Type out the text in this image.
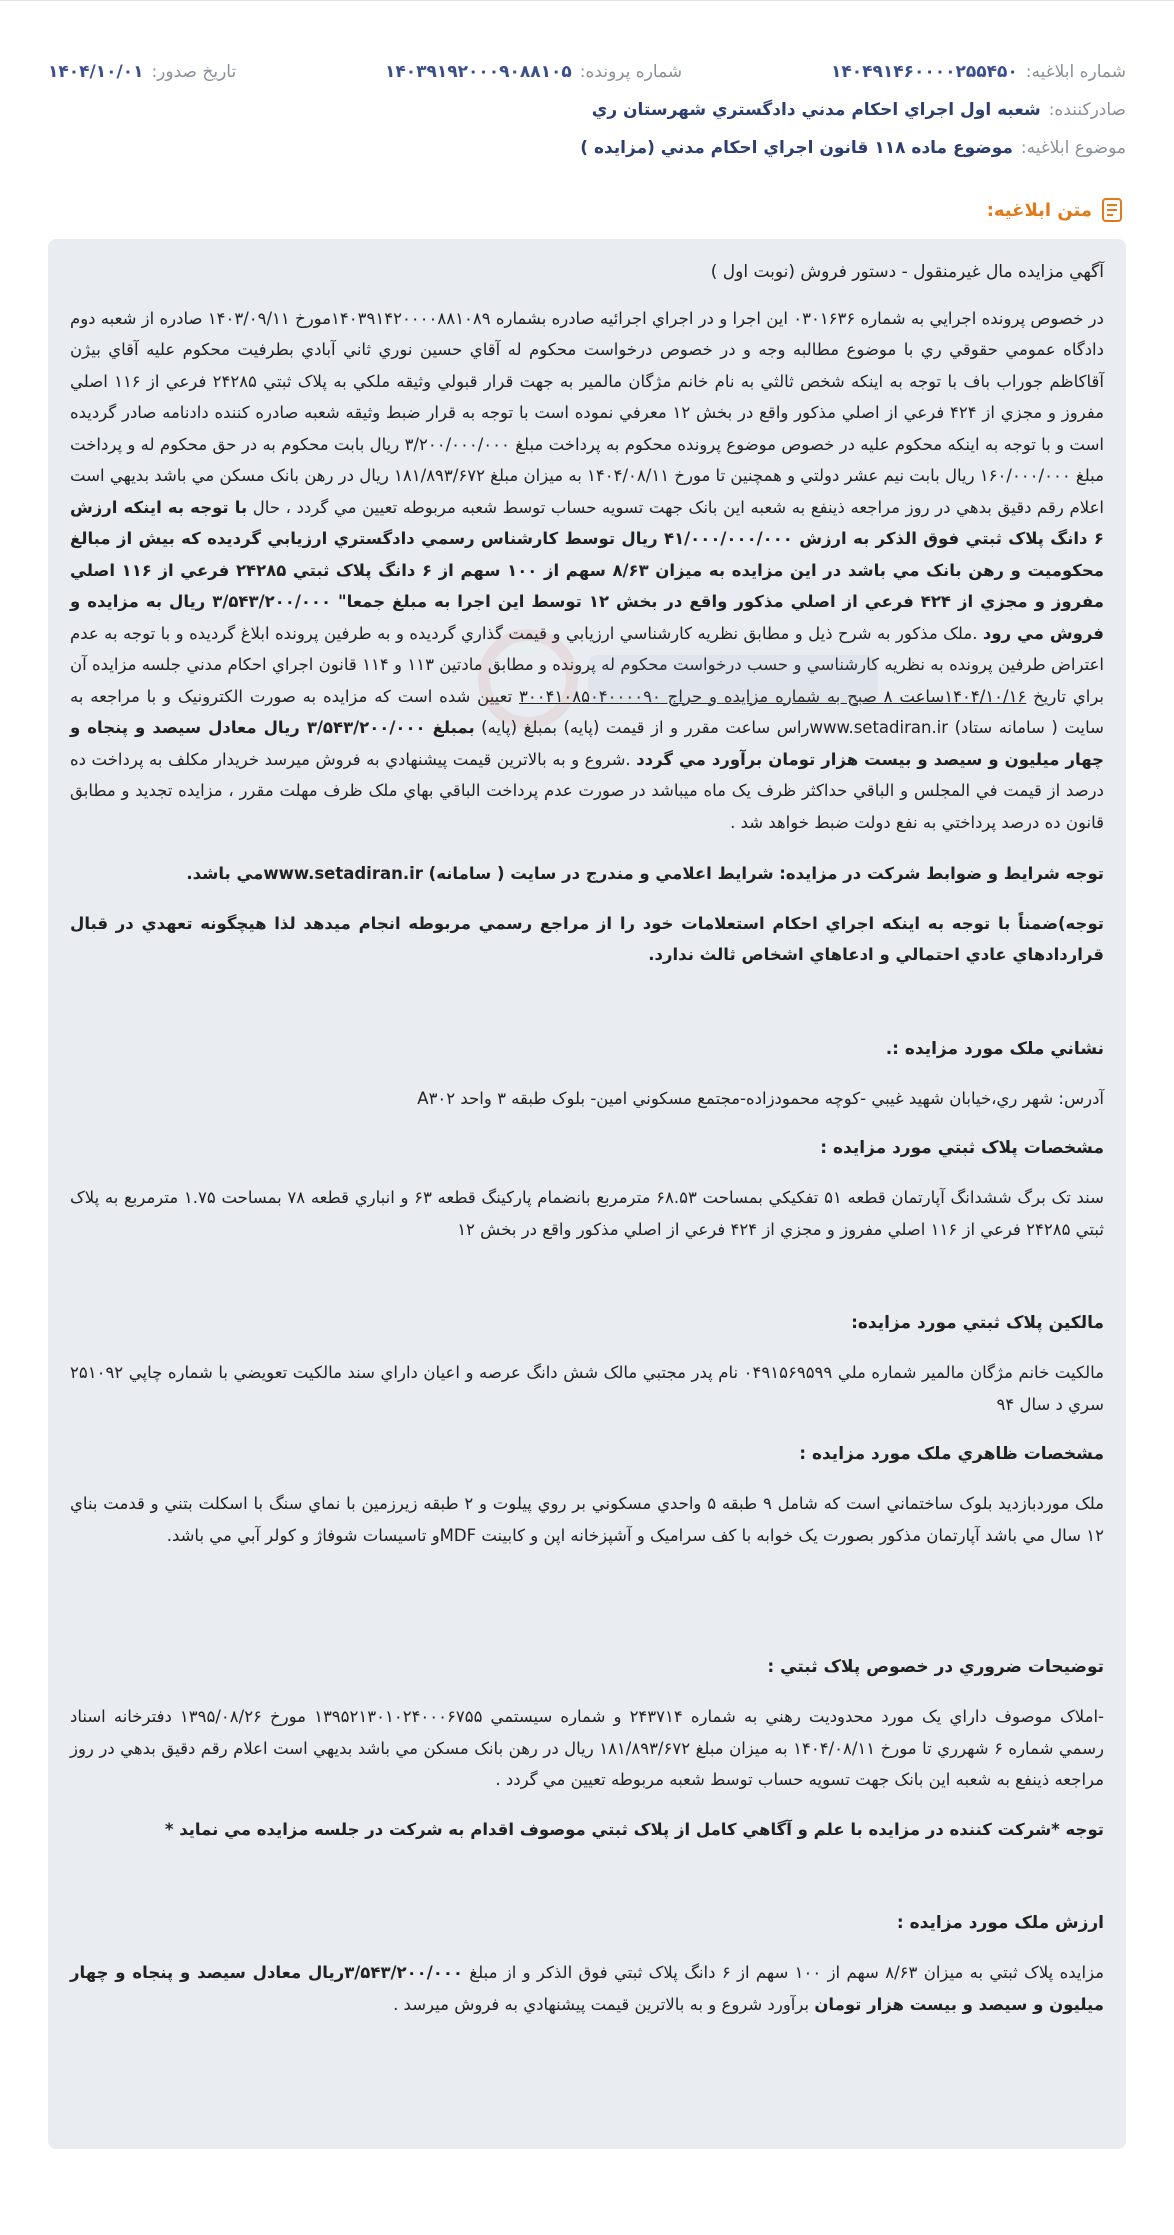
شماره ابلاغيه:
۱۴۰۴۹۱۴۶۰۰۰۰۲۵۵۴۵۰
شماره پرونده:
۱۴۰۳۹۱۹۲۰۰۰۹۰۸۸۱۰۵
تاريخ صدور:
۱۴۰۴/۱۰/۰۱
صادرکننده:
شعبه اول اجراي احكام مدني دادگستري شهرستان ري
موضوع ابلاغيه:
موضوع ماده ۱۱۸ قانون اجراي احكام مدني (مزايده )
متن ابلاغيه:

آگهي مزايده مال غيرمنقول - دستور فروش (نوبت اول )

در خصوص پرونده اجرايي به شماره ۰۳۰۱۶۳۶ اين اجرا و در اجراي اجرائيه صادره بشماره ۱۴۰۳۹۱۴۲۰۰۰۰۸۸۱۰۸۹مورخ ۱۴۰۳/۰۹/۱۱ صادره از شعبه دوم دادگاه عمومي حقوقي ري با موضوع مطالبه وجه و در خصوص درخواست محكوم له آقاي حسين نوري ثاني آبادي بطرفيت محكوم عليه آقاي بيژن آقاكاظم جوراب باف با توجه به اينكه شخص ثالثي به نام خانم مژگان مالمير به جهت قرار قبولي وثيقه ملكي به پلاک ثبتي ۲۴۲۸۵ فرعي از ۱۱۶ اصلي مفروز و مجزي از ۴۲۴ فرعي از اصلي مذكور واقع در بخش ۱۲ معرفي نموده است با توجه به قرار ضبط وثيقه شعبه صادره كننده دادنامه صادر گرديده است و با توجه به اينكه محكوم عليه در خصوص موضوع پرونده محكوم به پرداخت مبلغ ۳/۲۰۰/۰۰۰/۰۰۰ ريال بابت محكوم به در حق محكوم له و پرداخت مبلغ ۱۶۰/۰۰۰/۰۰۰ ريال بابت نيم عشر دولتي و همچنين تا مورخ ۱۴۰۴/۰۸/۱۱ به ميزان مبلغ ۱۸۱/۸۹۳/۶۷۲ ريال در رهن بانک مسكن مي باشد بديهي است اعلام رقم دقيق بدهي در روز مراجعه ذينفع به شعبه اين بانک جهت تسويه حساب توسط شعبه مربوطه تعيين مي گردد ، حال با توجه به اينكه ارزش ۶ دانگ پلاک ثبتي فوق الذكر به ارزش ۴۱/۰۰۰/۰۰۰/۰۰۰ ريال توسط كارشناس رسمي دادگستري ارزيابي گرديده كه بيش از مبالغ محكوميت و رهن بانک مي باشد در اين مزايده به ميزان ۸/۶۳ سهم از ۱۰۰ سهم از ۶ دانگ پلاک ثبتي ۲۴۲۸۵ فرعي از ۱۱۶ اصلي مفروز و مجزي از ۴۲۴ فرعي از اصلي مذكور واقع در بخش ۱۲ توسط اين اجرا به مبلغ جمعا" ۳/۵۴۳/۲۰۰/۰۰۰ ريال به مزايده و فروش مي رود .ملک مذكور به شرح ذيل و مطابق نظريه كارشناسي ارزيابي و قيمت گذاري گرديده و به طرفين پرونده ابلاغ گرديده و با توجه به عدم اعتراض طرفين پرونده به نظريه كارشناسي و حسب درخواست محكوم له پرونده و مطابق مادتين ۱۱۳ و ۱۱۴ قانون اجراي احكام مدني جلسه مزايده آن براي تاريخ ۱۴۰۴/۱۰/۱۶ساعت ۸ صبح به شماره مزايده و حراج ۳۰۰۴۱۰۸۵۰۴۰۰۰۰۹۰ تعيين شده است كه مزايده به صورت الكترونيک و با مراجعه به سايت ( سامانه ستاد) www.setadiran.irراس ساعت مقرر و از قيمت (پايه) بمبلغ (پايه) بمبلغ ۳/۵۴۳/۲۰۰/۰۰۰ ريال معادل سيصد و پنجاه و چهار ميليون و سيصد و بيست هزار تومان برآورد مي گردد .شروع و به بالاترين قيمت پيشنهادي به فروش ميرسد خريدار مكلف به پرداخت ده درصد از قيمت في المجلس و الباقي حداكثر ظرف يک ماه ميباشد در صورت عدم پرداخت الباقي بهاي ملک ظرف مهلت مقرر ، مزايده تجديد و مطابق قانون ده درصد پرداختي به نفع دولت ضبط خواهد شد .

توجه شرايط و ضوابط شركت در مزايده: شرايط اعلامي و مندرج در سايت ( سامانه) www.setadiran.irمي باشد.

توجه)ضمناً با توجه به اينكه اجراي احكام استعلامات خود را از مراجع رسمي مربوطه انجام ميدهد لذا هيچگونه تعهدي در قبال قراردادهاي عادي احتمالي و ادعاهاي اشخاص ثالث ندارد.

نشاني ملک مورد مزايده :.

آدرس: شهر ري،خيابان شهيد غيبي -كوچه محمودزاده-مجتمع مسكوني امين- بلوک طبقه ۳ واحد A۳۰۲

مشخصات پلاک ثبتي مورد مزايده :

سند تک برگ ششدانگ آپارتمان قطعه ۵۱ تفكيكي بمساحت ۶۸.۵۳ مترمربع بانضمام پاركينگ قطعه ۶۳ و انباري قطعه ۷۸ بمساحت ۱.۷۵ مترمربع به پلاک ثبتي ۲۴۲۸۵ فرعي از ۱۱۶ اصلي مفروز و مجزي از ۴۲۴ فرعي از اصلي مذكور واقع در بخش ۱۲

مالكين پلاک ثبتي مورد مزايده:

مالكيت خانم مژگان مالمير شماره ملي ۰۴۹۱۵۶۹۵۹۹ نام پدر مجتبي مالک شش دانگ عرصه و اعيان داراي سند مالكيت تعويضي با شماره چاپي ۲۵۱۰۹۲ سري د سال ۹۴

مشخصات ظاهري ملک مورد مزايده :

ملک موردبازديد بلوک ساختماني است كه شامل ۹ طبقه ۵ واحدي مسكوني بر روي پيلوت و ۲ طبقه زيرزمين با نماي سنگ با اسكلت بتني و قدمت بناي ۱۲ سال مي باشد آپارتمان مذكور بصورت يک خوابه با كف سراميک و آشپزخانه اپن و كابينت MDFو تاسيسات شوفاژ و كولر آبي مي باشد.

توضيحات ضروري در خصوص پلاک ثبتي :

-املاک موصوف داراي يک مورد محدوديت رهني به شماره ۲۴۳۷۱۴ و شماره سيستمي ۱۳۹۵۲۱۳۰۱۰۲۴۰۰۰۶۷۵۵ مورخ ۱۳۹۵/۰۸/۲۶ دفترخانه اسناد رسمي شماره ۶ شهرري تا مورخ ۱۴۰۴/۰۸/۱۱ به ميزان مبلغ ۱۸۱/۸۹۳/۶۷۲ ريال در رهن بانک مسكن مي باشد بديهي است اعلام رقم دقيق بدهي در روز مراجعه ذينفع به شعبه اين بانک جهت تسويه حساب توسط شعبه مربوطه تعيين مي گردد .

توجه *شركت كننده در مزايده با علم و آگاهي كامل از پلاک ثبتي موصوف اقدام به شركت در جلسه مزايده مي نمايد *

ارزش ملک مورد مزايده :

مزايده پلاک ثبتي به ميزان ۸/۶۳ سهم از ۱۰۰ سهم از ۶ دانگ پلاک ثبتي فوق الذكر و از مبلغ ۳/۵۴۳/۲۰۰/۰۰۰ريال معادل سيصد و پنجاه و چهار ميليون و سيصد و بيست هزار تومان برآورد شروع و به بالاترين قيمت پيشنهادي به فروش ميرسد .
